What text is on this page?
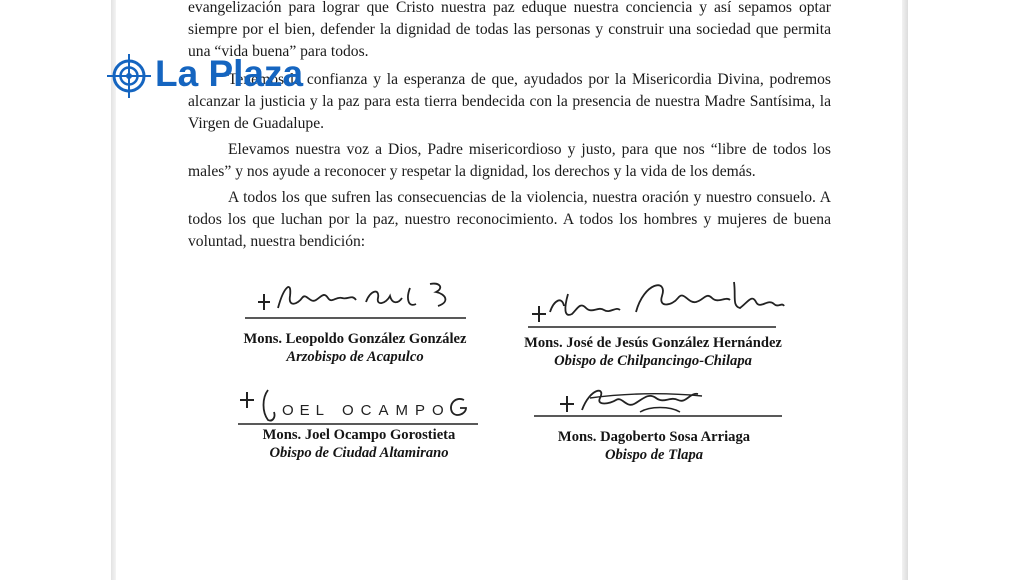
evangelización para lograr que Cristo nuestra paz eduque nuestra conciencia y así sepamos optar siempre por el bien, defender la dignidad de todas las personas y construir una sociedad que permita una “vida buena” para todos.

Tenemos la confianza y la esperanza de que, ayudados por la Misericordia Divina, podremos alcanzar la justicia y la paz para esta tierra bendecida con la presencia de nuestra Madre Santísima, la Virgen de Guadalupe.

Elevamos nuestra voz a Dios, Padre misericordioso y justo, para que nos “libre de todos los males” y nos ayude a reconocer y respetar la dignidad, los derechos y la vida de los demás.

A todos los que sufren las consecuencias de la violencia, nuestra oración y nuestro consuelo. A todos los que luchan por la paz, nuestro reconocimiento. A todos los hombres y mujeres de buena voluntad, nuestra bendición:

Mons. Leopoldo González González
Arzobispo de Acapulco
Mons. José de Jesús González Hernández
Obispo de Chilpancingo-Chilapa
OEL OCAMPO
Mons. Joel Ocampo Gorostieta
Obispo de Ciudad Altamirano
Mons. Dagoberto Sosa Arriaga
Obispo de Tlapa
La Plaza
